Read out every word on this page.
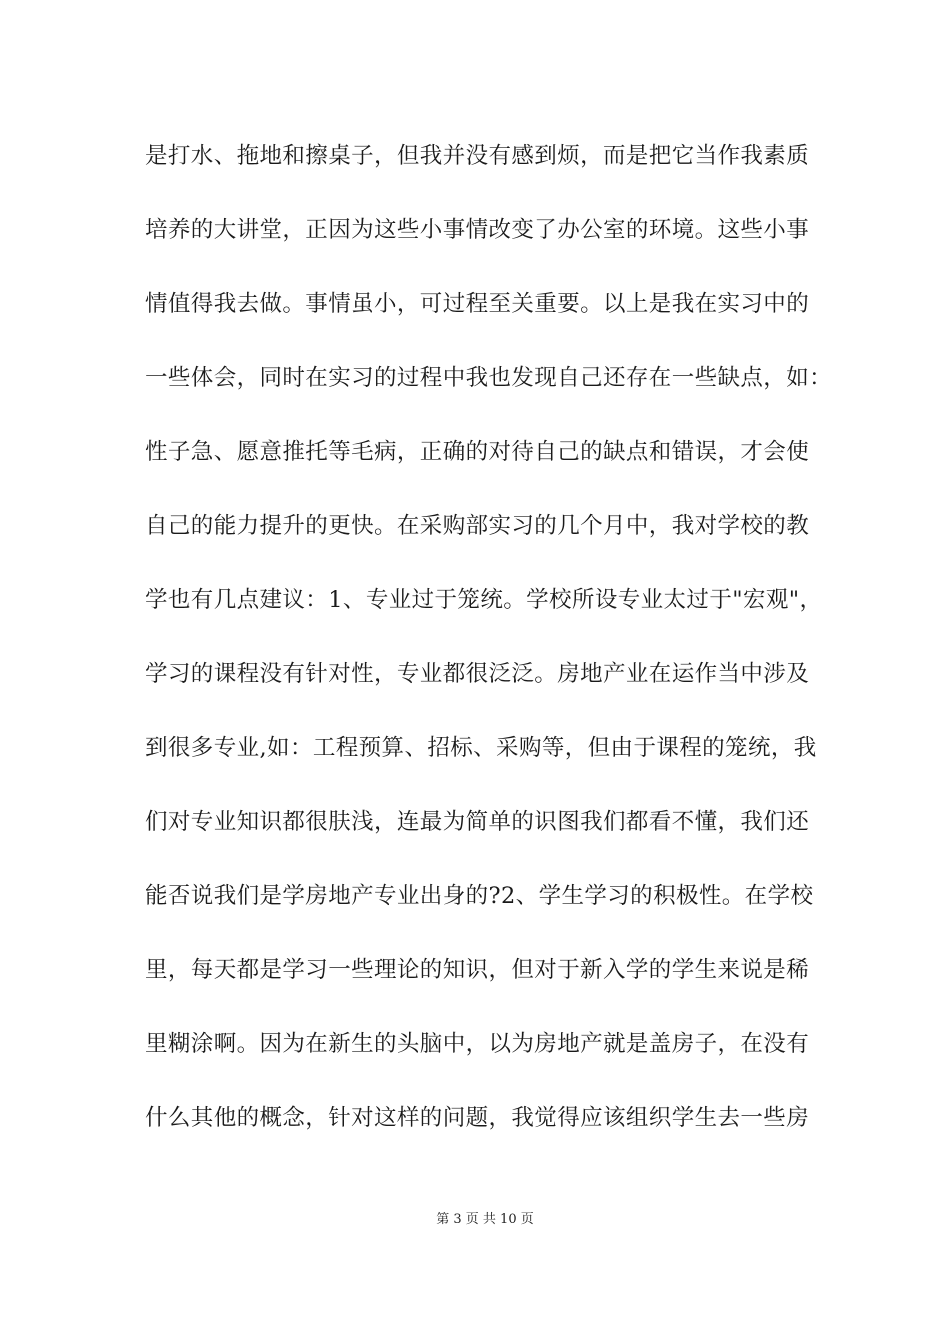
是打水、拖地和擦桌子，但我并没有感到烦，而是把它当作我素质
培养的大讲堂，正因为这些小事情改变了办公室的环境。这些小事
情值得我去做。事情虽小，可过程至关重要。以上是我在实习中的
一些体会，同时在实习的过程中我也发现自己还存在一些缺点，如：
性子急、愿意推托等毛病，正确的对待自己的缺点和错误，才会使
自己的能力提升的更快。在采购部实习的几个月中，我对学校的教
学也有几点建议：1、专业过于笼统。学校所设专业太过于"宏观"，
学习的课程没有针对性，专业都很泛泛。房地产业在运作当中涉及
到很多专业,如：工程预算、招标、采购等，但由于课程的笼统，我
们对专业知识都很肤浅，连最为简单的识图我们都看不懂，我们还
能否说我们是学房地产专业出身的?2、学生学习的积极性。在学校
里，每天都是学习一些理论的知识，但对于新入学的学生来说是稀
里糊涂啊。因为在新生的头脑中，以为房地产就是盖房子，在没有
什么其他的概念，针对这样的问题，我觉得应该组织学生去一些房
第 3 页 共 10 页
